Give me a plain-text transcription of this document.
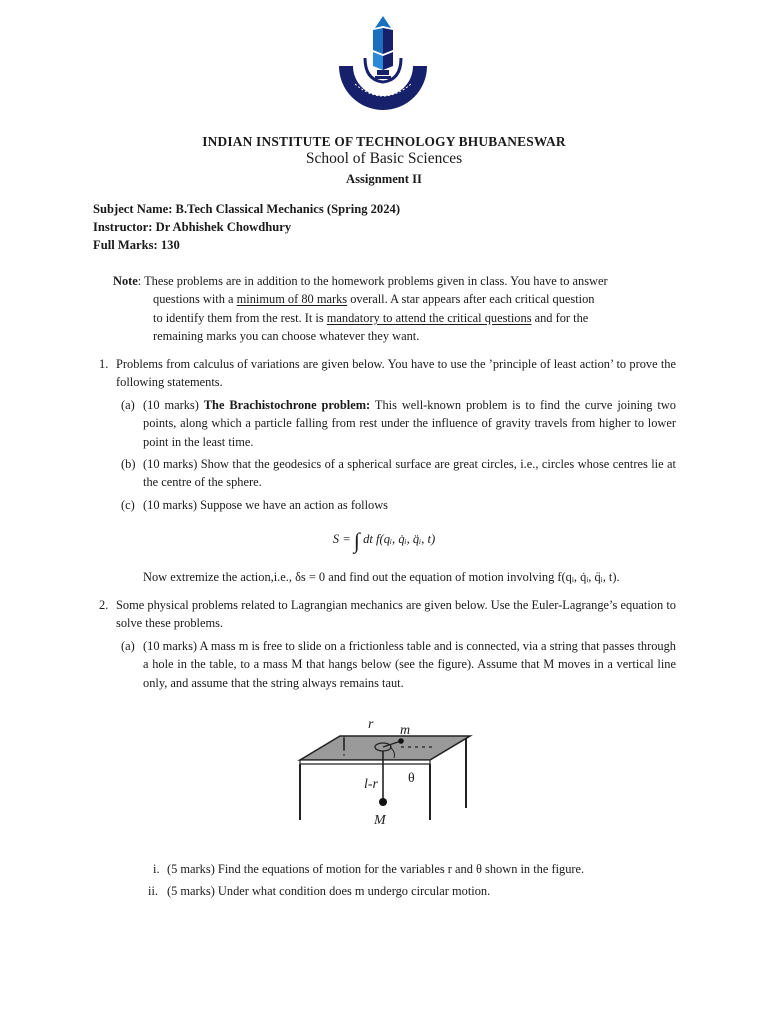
INDIAN INSTITUTE OF TECHNOLOGY BHUBANESWAR
School of Basic Sciences
Assignment II
Subject Name: B.Tech Classical Mechanics (Spring 2024)
Instructor: Dr Abhishek Chowdhury
Full Marks: 130
Note: These problems are in addition to the homework problems given in class. You have to answer
questions with a minimum of 80 marks overall. A star appears after each critical question
to identify them from the rest. It is mandatory to attend the critical questions and for the
remaining marks you can choose whatever they want.
1. Problems from calculus of variations are given below. You have to use the ’principle of least action’ to prove the following statements.
(a) (10 marks) The Brachistochrone problem: This well-known problem is to find the curve joining two points, along which a particle falling from rest under the influence of gravity travels from higher to lower point in the least time.
(b) (10 marks) Show that the geodesics of a spherical surface are great circles, i.e., circles whose centres lie at the centre of the sphere.
(c) (10 marks) Suppose we have an action as follows
S = ∫ dt f(qᵢ, q̇ᵢ, q̈ᵢ, t)
Now extremize the action,i.e., δs = 0 and find out the equation of motion involving f(qᵢ, q̇ᵢ, q̈ᵢ, t).
2. Some physical problems related to Lagrangian mechanics are given below. Use the Euler-Lagrange’s equation to solve these problems.
(a) (10 marks) A mass m is free to slide on a frictionless table and is connected, via a string that passes through a hole in the table, to a mass M that hangs below (see the figure). Assume that M moves in a vertical line only, and assume that the string always remains taut.
r m
l-r θ
M
i. (5 marks) Find the equations of motion for the variables r and θ shown in the figure.
ii. (5 marks) Under what condition does m undergo circular motion.
